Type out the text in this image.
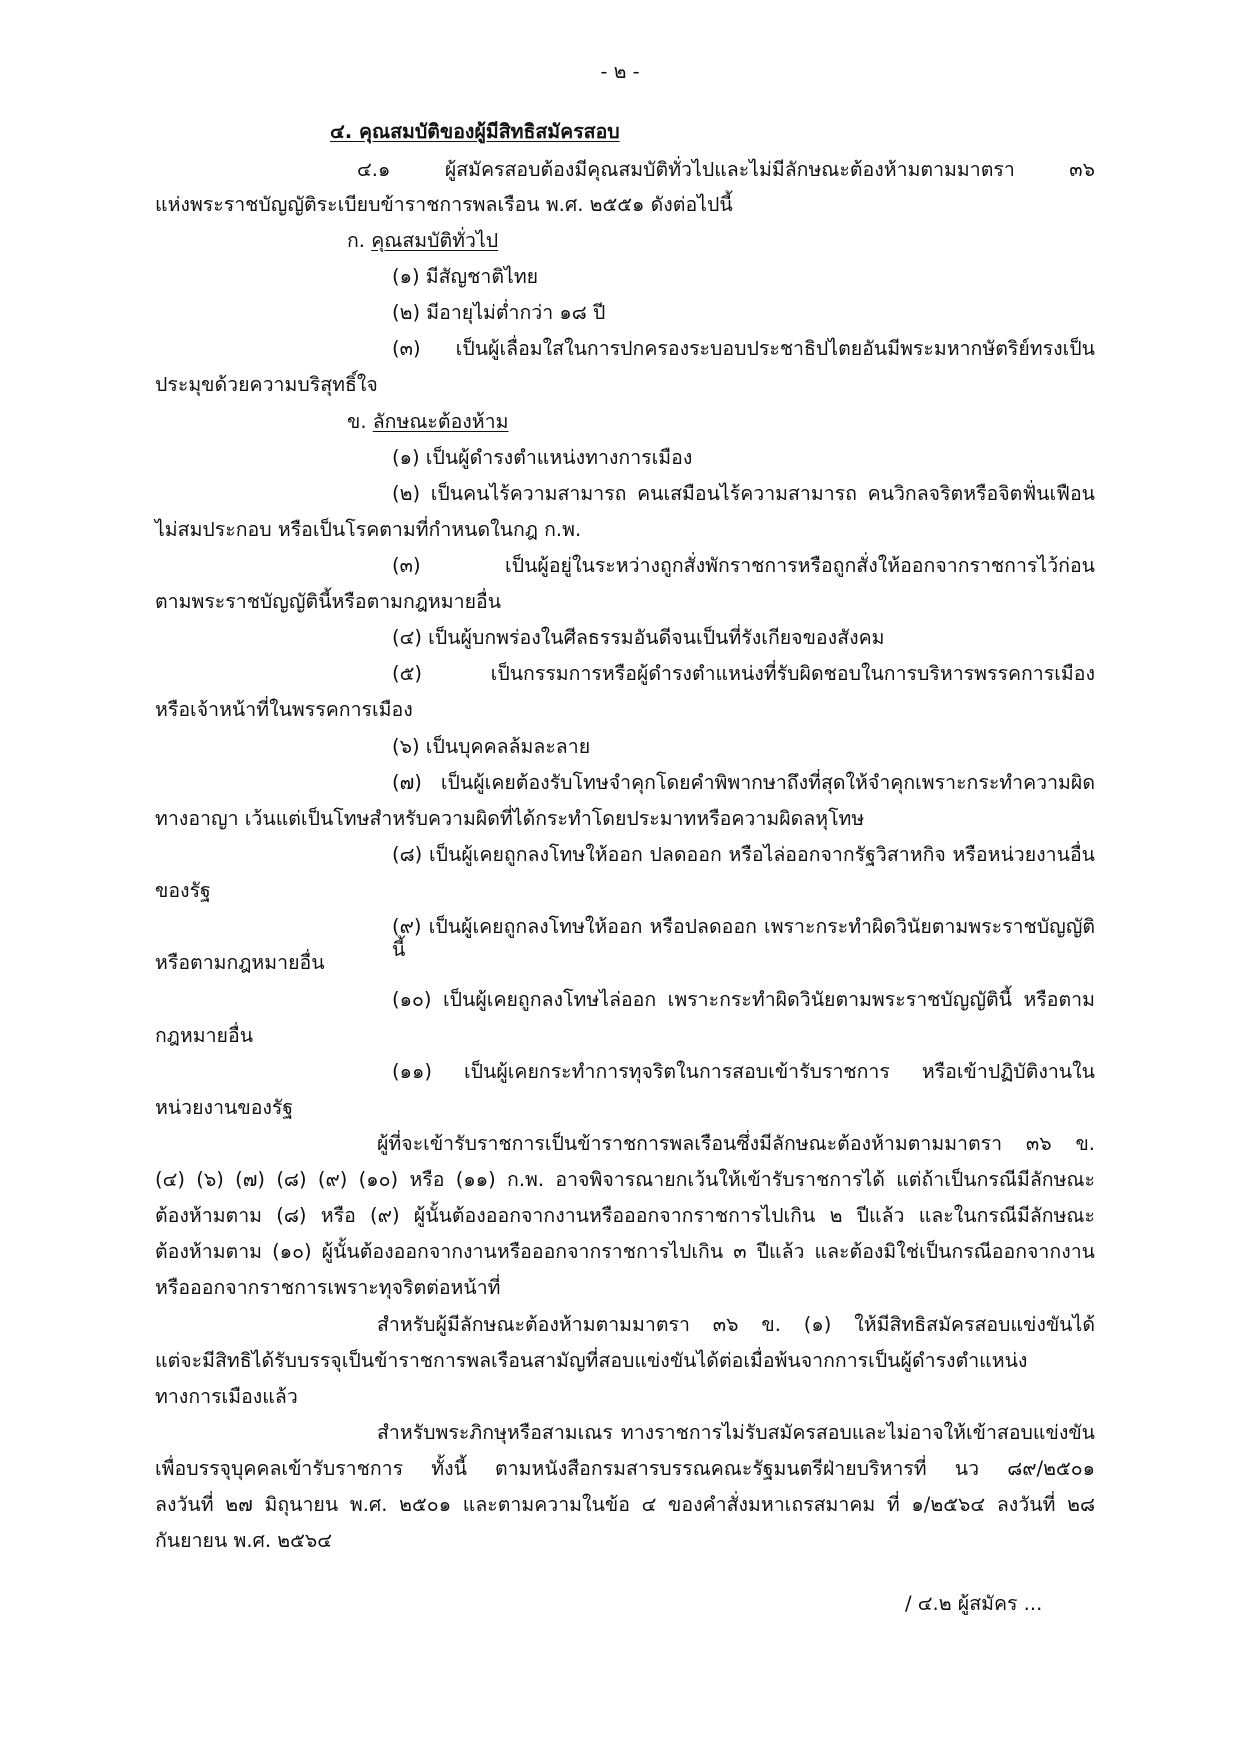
- ๒ -
๔. คุณสมบัติของผู้มีสิทธิสมัครสอบ
๔.๑ ผู้สมัครสอบต้องมีคุณสมบัติทั่วไปและไม่มีลักษณะต้องห้ามตามมาตรา ๓๖
แห่งพระราชบัญญัติระเบียบข้าราชการพลเรือน พ.ศ. ๒๕๕๑ ดังต่อไปนี้
ก. คุณสมบัติทั่วไป
(๑) มีสัญชาติไทย
(๒) มีอายุไม่ต่ำกว่า ๑๘ ปี
(๓) เป็นผู้เลื่อมใสในการปกครองระบอบประชาธิปไตยอันมีพระมหากษัตริย์ทรงเป็น
ประมุขด้วยความบริสุทธิ์ใจ
ข. ลักษณะต้องห้าม
(๑) เป็นผู้ดำรงตำแหน่งทางการเมือง
(๒) เป็นคนไร้ความสามารถ คนเสมือนไร้ความสามารถ คนวิกลจริตหรือจิตฟั่นเฟือน
ไม่สมประกอบ หรือเป็นโรคตามที่กำหนดในกฎ ก.พ.
(๓) เป็นผู้อยู่ในระหว่างถูกสั่งพักราชการหรือถูกสั่งให้ออกจากราชการไว้ก่อน
ตามพระราชบัญญัตินี้หรือตามกฎหมายอื่น
(๔) เป็นผู้บกพร่องในศีลธรรมอันดีจนเป็นที่รังเกียจของสังคม
(๕) เป็นกรรมการหรือผู้ดำรงตำแหน่งที่รับผิดชอบในการบริหารพรรคการเมือง
หรือเจ้าหน้าที่ในพรรคการเมือง
(๖) เป็นบุคคลล้มละลาย
(๗) เป็นผู้เคยต้องรับโทษจำคุกโดยคำพิพากษาถึงที่สุดให้จำคุกเพราะกระทำความผิด
ทางอาญา เว้นแต่เป็นโทษสำหรับความผิดที่ได้กระทำโดยประมาทหรือความผิดลหุโทษ
(๘) เป็นผู้เคยถูกลงโทษให้ออก ปลดออก หรือไล่ออกจากรัฐวิสาหกิจ หรือหน่วยงานอื่น
ของรัฐ
(๙) เป็นผู้เคยถูกลงโทษให้ออก หรือปลดออก เพราะกระทำผิดวินัยตามพระราชบัญญัตินี้
หรือตามกฎหมายอื่น
(๑๐) เป็นผู้เคยถูกลงโทษไล่ออก เพราะกระทำผิดวินัยตามพระราชบัญญัตินี้ หรือตาม
กฎหมายอื่น
(๑๑) เป็นผู้เคยกระทำการทุจริตในการสอบเข้ารับราชการ หรือเข้าปฏิบัติงานใน
หน่วยงานของรัฐ
ผู้ที่จะเข้ารับราชการเป็นข้าราชการพลเรือนซึ่งมีลักษณะต้องห้ามตามมาตรา ๓๖ ข.
(๔) (๖) (๗) (๘) (๙) (๑๐) หรือ (๑๑) ก.พ. อาจพิจารณายกเว้นให้เข้ารับราชการได้ แต่ถ้าเป็นกรณีมีลักษณะ
ต้องห้ามตาม (๘) หรือ (๙) ผู้นั้นต้องออกจากงานหรือออกจากราชการไปเกิน ๒ ปีแล้ว และในกรณีมีลักษณะ
ต้องห้ามตาม (๑๐) ผู้นั้นต้องออกจากงานหรือออกจากราชการไปเกิน ๓ ปีแล้ว และต้องมิใช่เป็นกรณีออกจากงาน
หรือออกจากราชการเพราะทุจริตต่อหน้าที่
สำหรับผู้มีลักษณะต้องห้ามตามมาตรา ๓๖ ข. (๑) ให้มีสิทธิสมัครสอบแข่งขันได้
แต่จะมีสิทธิได้รับบรรจุเป็นข้าราชการพลเรือนสามัญที่สอบแข่งขันได้ต่อเมื่อพ้นจากการเป็นผู้ดำรงตำแหน่ง
ทางการเมืองแล้ว
สำหรับพระภิกษุหรือสามเณร ทางราชการไม่รับสมัครสอบและไม่อาจให้เข้าสอบแข่งขัน
เพื่อบรรจุบุคคลเข้ารับราชการ ทั้งนี้ ตามหนังสือกรมสารบรรณคณะรัฐมนตรีฝ่ายบริหารที่ นว ๘๙/๒๕๐๑
ลงวันที่ ๒๗ มิถุนายน พ.ศ. ๒๕๐๑ และตามความในข้อ ๔ ของคำสั่งมหาเถรสมาคม ที่ ๑/๒๕๖๔ ลงวันที่ ๒๘
กันยายน พ.ศ. ๒๕๖๔
/ ๔.๒ ผู้สมัคร ...
